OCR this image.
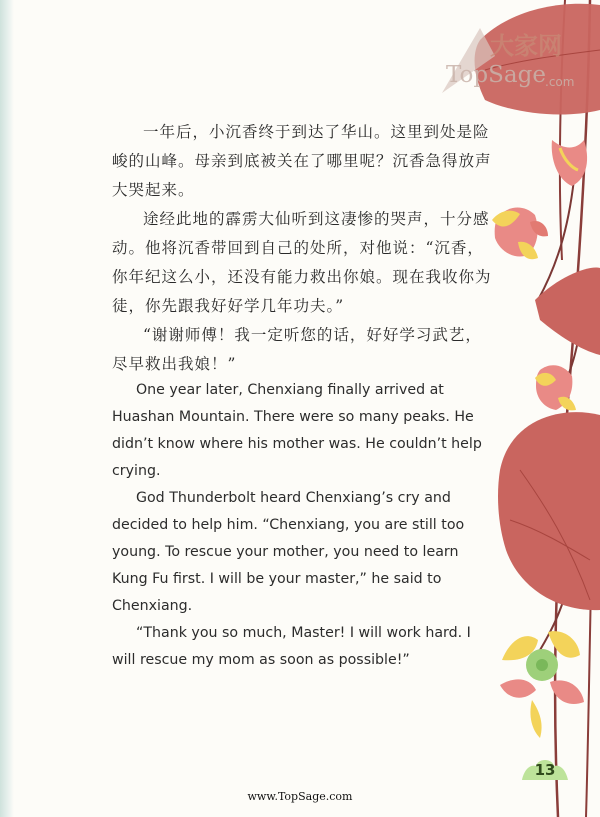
大家网
TopSage .com

一年后，小沉香终于到达了华山。这里到处是险峻的山峰。母亲到底被关在了哪里呢？沉香急得放声大哭起来。

途经此地的霹雳大仙听到这凄惨的哭声，十分感动。他将沉香带回到自己的处所，对他说：“沉香，你年纪这么小，还没有能力救出你娘。现在我收你为徒，你先跟我好好学几年功夫。”

“谢谢师傅！我一定听您的话，好好学习武艺，尽早救出我娘！”

One year later, Chenxiang finally arrived at Huashan Mountain. There were so many peaks. He didn’t know where his mother was. He couldn’t help crying.

God Thunderbolt heard Chenxiang’s cry and decided to help him. “Chenxiang, you are still too young. To rescue your mother, you need to learn Kung Fu first. I will be your master,” he said to Chenxiang.

“Thank you so much, Master! I will work hard. I will rescue my mom as soon as possible!”

13
www.TopSage.com
